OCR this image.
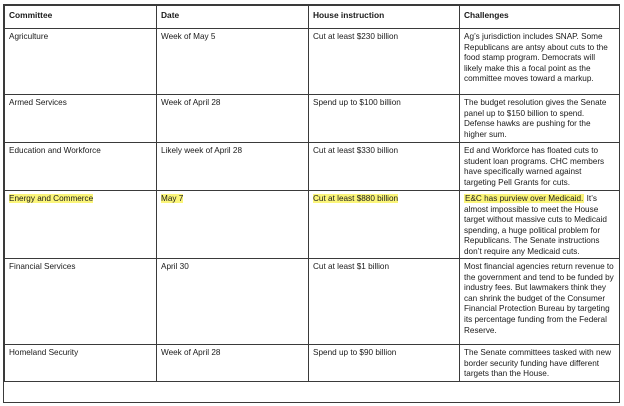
Committee	Date	House instruction	Challenges
Agriculture	Week of May 5	Cut at least $230 billion	Ag’s jurisdiction includes SNAP. Some Republicans are antsy about cuts to the food stamp program. Democrats will likely make this a focal point as the committee moves toward a markup.
Armed Services	Week of April 28	Spend up to $100 billion	The budget resolution gives the Senate panel up to $150 billion to spend. Defense hawks are pushing for the higher sum.
Education and Workforce	Likely week of April 28	Cut at least $330 billion	Ed and Workforce has floated cuts to student loan programs. CHC members have specifically warned against targeting Pell Grants for cuts.
Energy and Commerce	May 7	Cut at least $880 billion	E&C has purview over Medicaid. It’s almost impossible to meet the House target without massive cuts to Medicaid spending, a huge political problem for Republicans. The Senate instructions don’t require any Medicaid cuts.
Financial Services	April 30	Cut at least $1 billion	Most financial agencies return revenue to the government and tend to be funded by industry fees. But lawmakers think they can shrink the budget of the Consumer Financial Protection Bureau by targeting its percentage funding from the Federal Reserve.
Homeland Security	Week of April 28	Spend up to $90 billion	The Senate committees tasked with new border security funding have different targets than the House.
